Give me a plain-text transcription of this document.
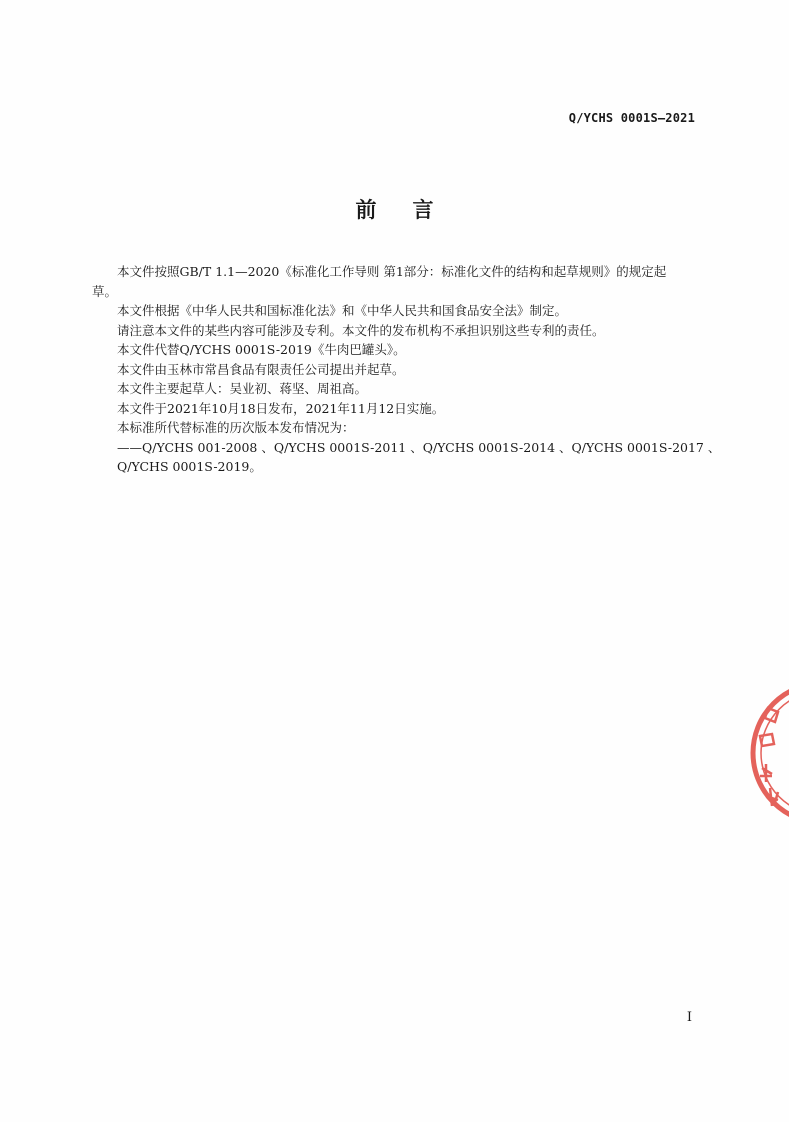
Q/YCHS 0001S—2021
前言

本文件按照GB/T 1.1—2020《标准化工作导则 第1部分：标准化文件的结构和起草规则》的规定起

草。

本文件根据《中华人民共和国标准化法》和《中华人民共和国食品安全法》制定。

请注意本文件的某些内容可能涉及专利。本文件的发布机构不承担识别这些专利的责任。

本文件代替Q/YCHS 0001S-2019《牛肉巴罐头》。

本文件由玉林市常昌食品有限责任公司提出并起草。

本文件主要起草人：吴业初、蒋坚、周祖高。

本文件于2021年10月18日发布，2021年11月12日实施。

本标准所代替标准的历次版本发布情况为：

——Q/YCHS 001-2008 、Q/YCHS 0001S-2011 、Q/YCHS 0001S-2014 、Q/YCHS 0001S-2017 、

Q/YCHS 0001S-2019。

I
